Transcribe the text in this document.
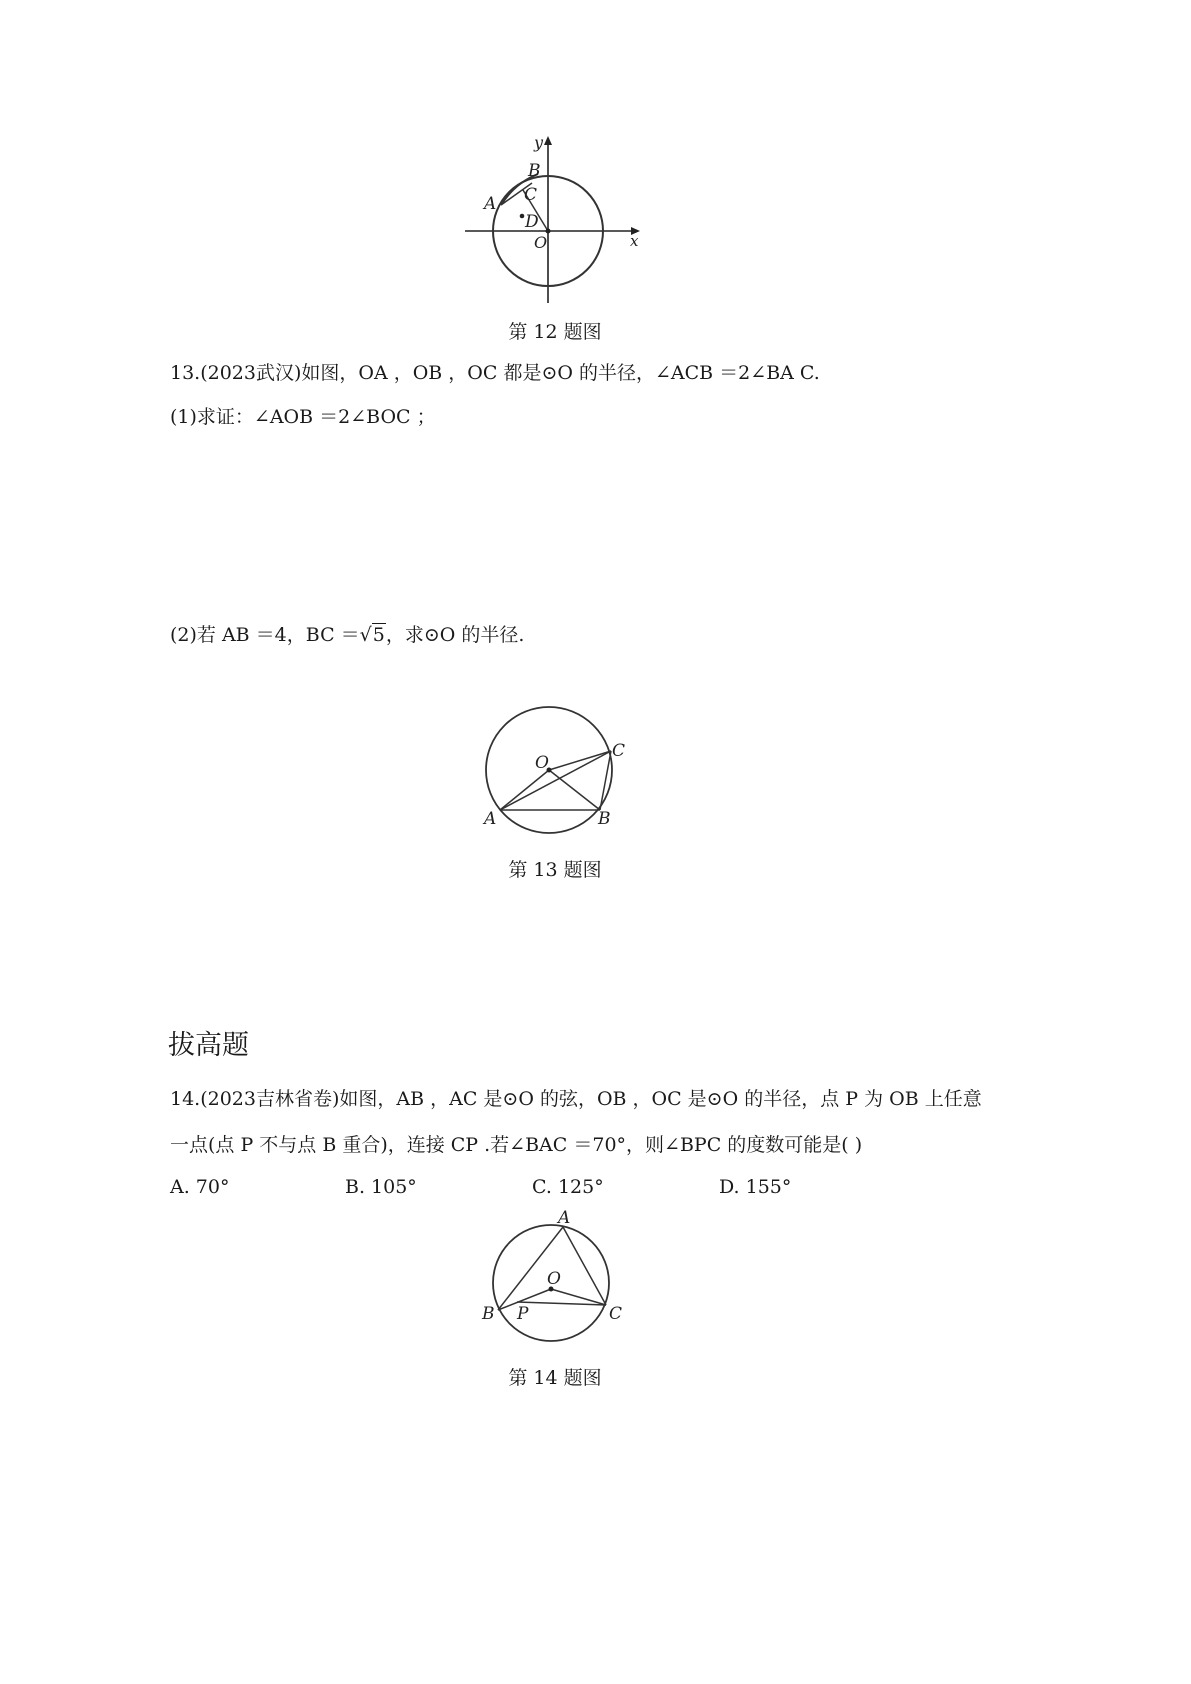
y
x
O
A
B
C
D
第 12 题图
13.(2023武汉)如图，OA ，OB ，OC 都是⊙O 的半径，∠ACB ＝2∠BA C.
(1)求证：∠AOB ＝2∠BOC ；
(2)若 AB ＝4，BC ＝√5，求⊙O 的半径.
O
A	B
C
第 13 题图
拔高题
14.(2023吉林省卷)如图，AB ，AC 是⊙O 的弦，OB ，OC 是⊙O 的半径，点 P 为 OB 上任意
一点(点 P 不与点 B 重合)，连接 CP .若∠BAC ＝70°，则∠BPC 的度数可能是( )
A. 70°	B. 105°	C. 125°	D. 155°
A
O
B P	C
第 14 题图
